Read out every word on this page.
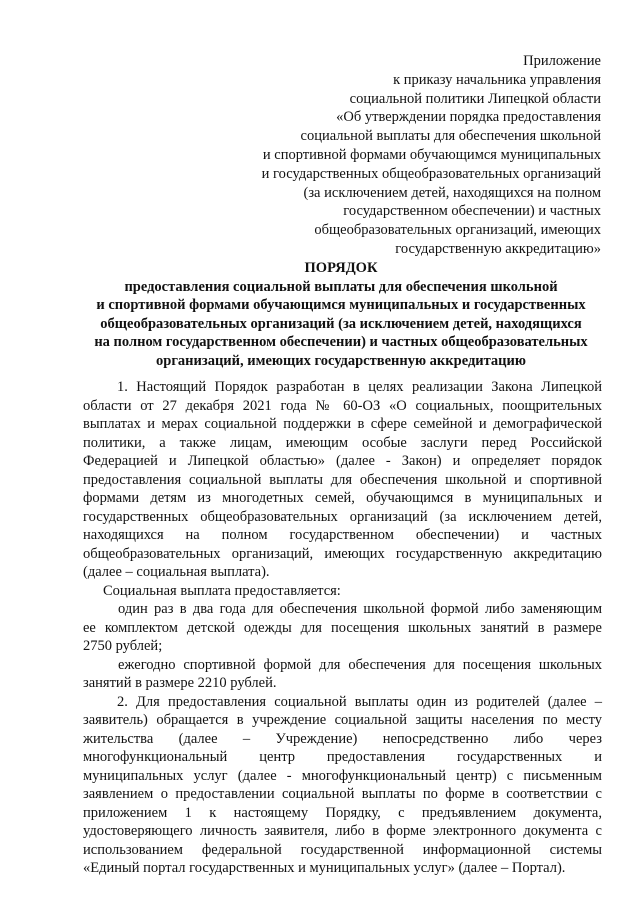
Приложение
к приказу начальника управления
социальной политики Липецкой области
«Об утверждении порядка предоставления
социальной выплаты для обеспечения школьной
и спортивной формами обучающимся муниципальных
и государственных общеобразовательных организаций
(за исключением детей, находящихся на полном
государственном обеспечении) и частных
общеобразовательных организаций, имеющих
государственную аккредитацию»
ПОРЯДОК
предоставления социальной выплаты для обеспечения школьной
и спортивной формами обучающимся муниципальных и государственных
общеобразовательных организаций (за исключением детей, находящихся
на полном государственном обеспечении) и частных общеобразовательных
организаций, имеющих государственную аккредитацию
1. Настоящий Порядок разработан в целях реализации Закона Липецкой
области от 27 декабря 2021 года № 60-ОЗ «О социальных, поощрительных
выплатах и мерах социальной поддержки в сфере семейной и демографической
политики, а также лицам, имеющим особые заслуги перед Российской
Федерацией и Липецкой областью» (далее - Закон) и определяет порядок
предоставления социальной выплаты для обеспечения школьной и спортивной
формами детям из многодетных семей, обучающимся в муниципальных и
государственных общеобразовательных организаций (за исключением детей,
находящихся на полном государственном обеспечении) и частных
общеобразовательных организаций, имеющих государственную аккредитацию
(далее – социальная выплата).
Социальная выплата предоставляется:
один раз в два года для обеспечения школьной формой либо заменяющим
ее комплектом детской одежды для посещения школьных занятий в размере
2750 рублей;
ежегодно спортивной формой для обеспечения для посещения школьных
занятий в размере 2210 рублей.
2. Для предоставления социальной выплаты один из родителей (далее –
заявитель) обращается в учреждение социальной защиты населения по месту
жительства (далее – Учреждение) непосредственно либо через
многофункциональный центр предоставления государственных и
муниципальных услуг (далее - многофункциональный центр) с письменным
заявлением о предоставлении социальной выплаты по форме в соответствии с
приложением 1 к настоящему Порядку, с предъявлением документа,
удостоверяющего личность заявителя, либо в форме электронного документа с
использованием федеральной государственной информационной системы
«Единый портал государственных и муниципальных услуг» (далее – Портал).
